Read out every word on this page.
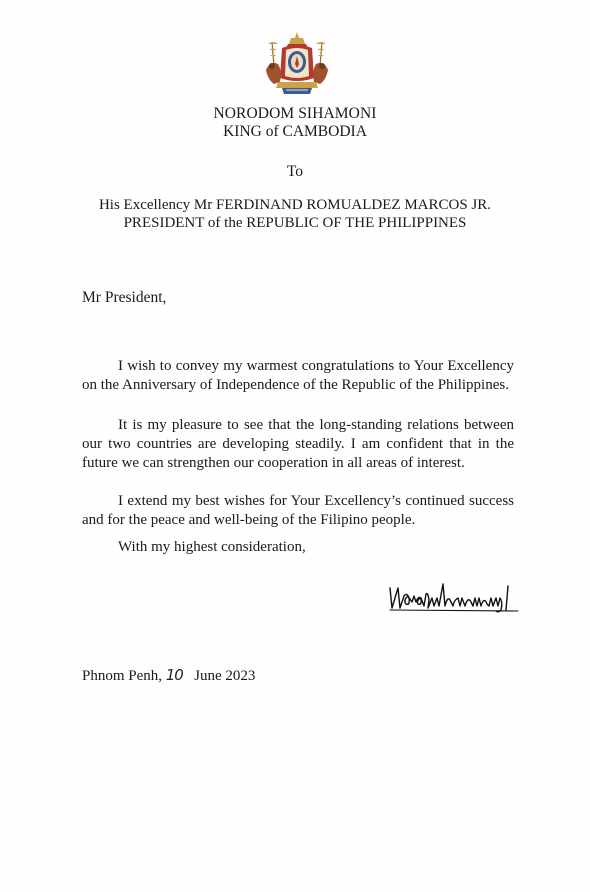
NORODOM SIHAMONI
KING of CAMBODIA
To
His Excellency Mr FERDINAND ROMUALDEZ MARCOS JR.
PRESIDENT of the REPUBLIC OF THE PHILIPPINES
Mr President,

I wish to convey my warmest congratulations to Your Excellency on the Anniversary of Independence of the Republic of the Philippines.

It is my pleasure to see that the long-standing relations between our two countries are developing steadily. I am confident that in the future we can strengthen our cooperation in all areas of interest.

I extend my best wishes for Your Excellency’s continued success and for the peace and well-being of the Filipino people.

With my highest consideration,
Phnom Penh, 10 June 2023
